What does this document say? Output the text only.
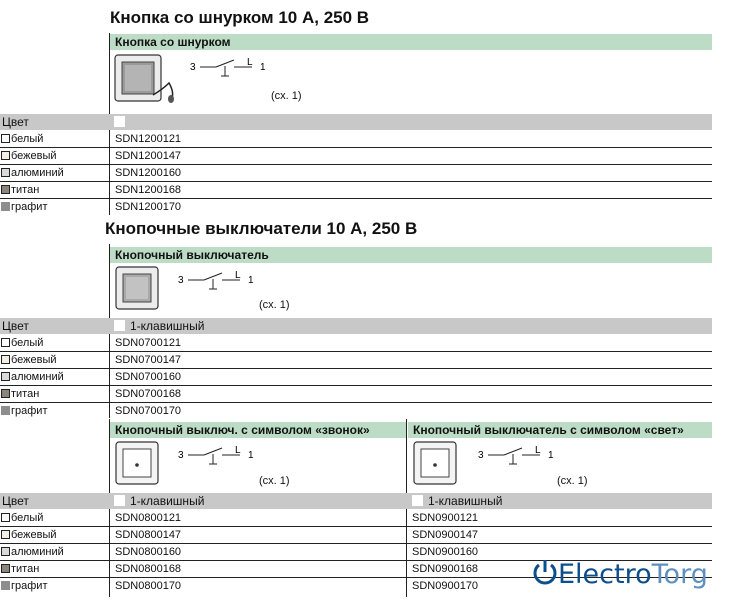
Кнопка со шнурком 10 А, 250 В
Кнопка со шнурком
3	L 1
(сх. 1)
Цвет
белый	SDN1200121
бежевый	SDN1200147
алюминий	SDN1200160
титан	SDN1200168
графит	SDN1200170
Кнопочные выключатели 10 А, 250 В
Кнопочный выключатель
3	L 1
(сх. 1)
Цвет	1-клавишный
белый	SDN0700121
бежевый	SDN0700147
алюминий	SDN0700160
титан	SDN0700168
графит	SDN0700170
Кнопочный выключ. с символом «звонок»	Кнопочный выключатель с символом «свет»
3	L 1
(сх. 1)
3	L 1
(сх. 1)
Цвет	1-клавишный	1-клавишный
белый	SDN0800121	SDN0900121
бежевый	SDN0800147	SDN0900147
алюминий	SDN0800160	SDN0900160
титан	SDN0800168	SDN0900168
графит	SDN0800170	SDN0900170	ElectroTorg
